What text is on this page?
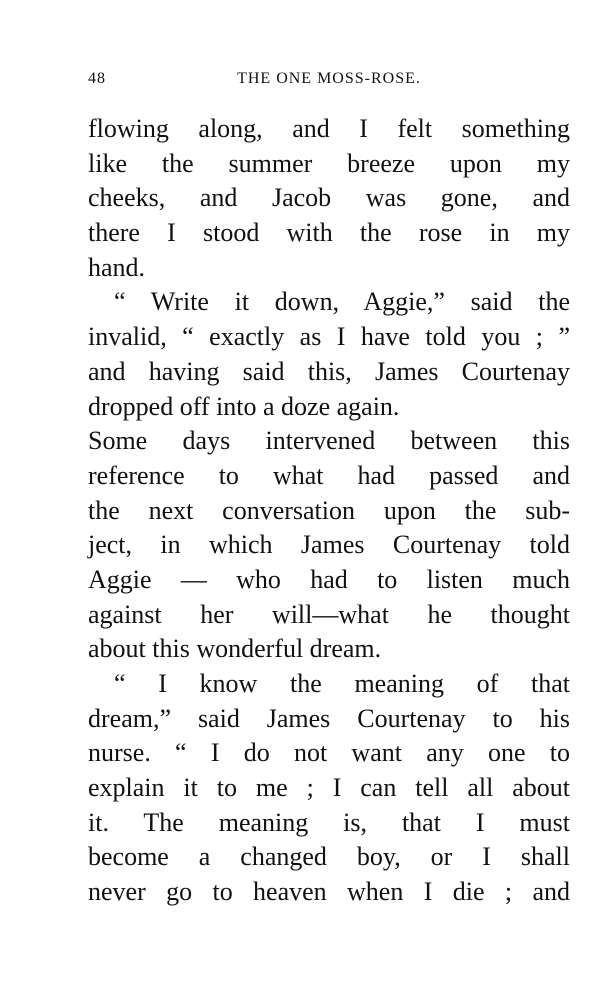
48	THE ONE MOSS-ROSE.
flowing along, and I felt something
like the summer breeze upon my
cheeks, and Jacob was gone, and
there I stood with the rose in my
hand.
“ Write it down, Aggie,” said the
invalid, “ exactly as I have told you ; ”
and having said this, James Courtenay
dropped off into a doze again.
Some days intervened between this
reference to what had passed and
the next conversation upon the sub-
ject, in which James Courtenay told
Aggie — who had to listen much
against her will—what he thought
about this wonderful dream.
“ I know the meaning of that
dream,” said James Courtenay to his
nurse. “ I do not want any one to
explain it to me ; I can tell all about
it. The meaning is, that I must
become a changed boy, or I shall
never go to heaven when I die ; and
